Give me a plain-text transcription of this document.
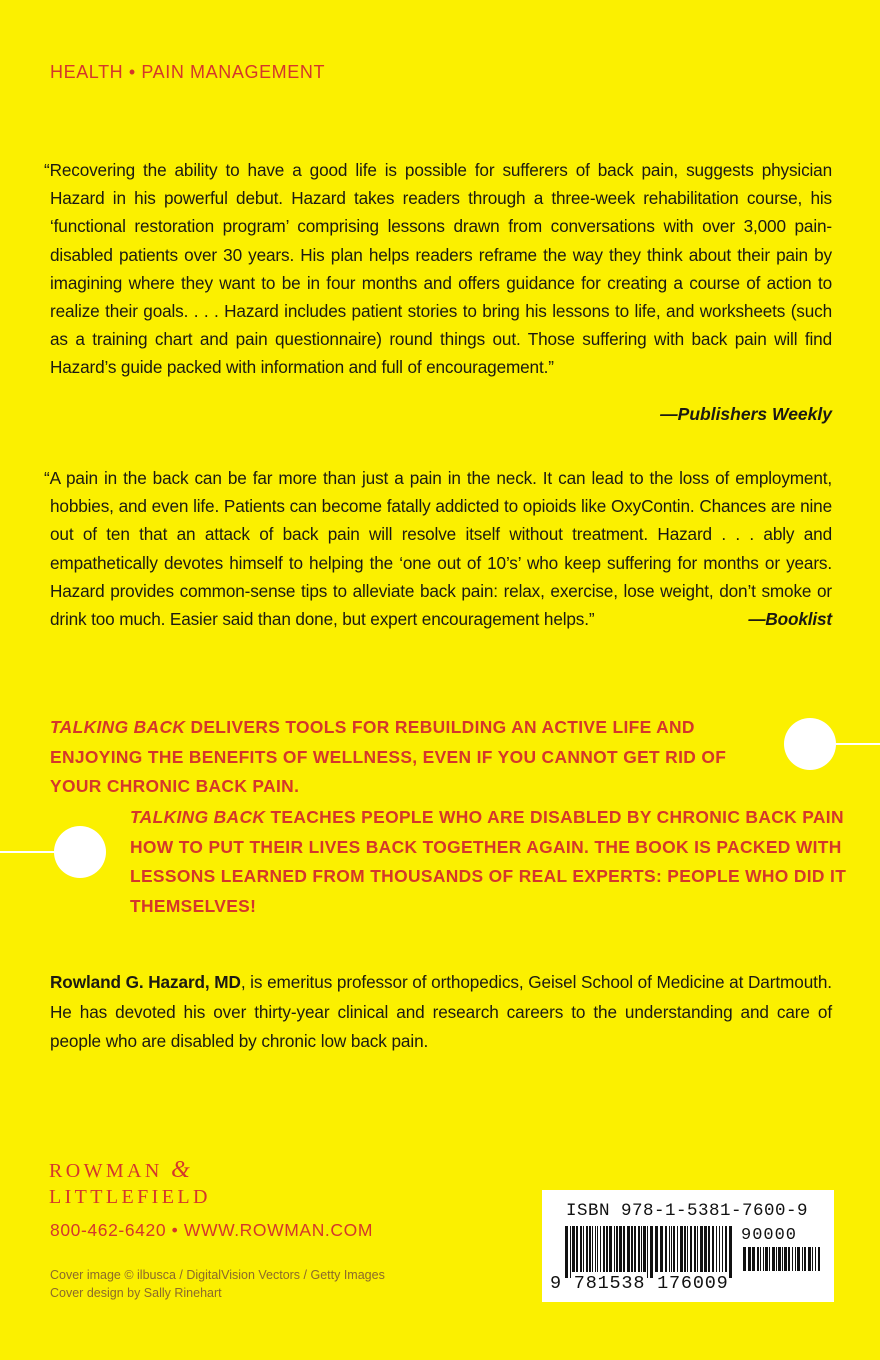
HEALTH • PAIN MANAGEMENT

“Recovering the ability to have a good life is possible for sufferers of back pain, suggests physician Hazard in his powerful debut. Hazard takes readers through a three-week rehabilitation course, his ‘functional restoration program’ comprising lessons drawn from conversations with over 3,000 pain-disabled patients over 30 years. His plan helps readers reframe the way they think about their pain by imagining where they want to be in four months and offers guidance for creating a course of action to realize their goals. . . . Hazard includes patient stories to bring his lessons to life, and worksheets (such as a training chart and pain questionnaire) round things out. Those suffering with back pain will find Hazard’s guide packed with information and full of encouragement.”

—Publishers Weekly

“A pain in the back can be far more than just a pain in the neck. It can lead to the loss of employment, hobbies, and even life. Patients can become fatally addicted to opioids like OxyContin. Chances are nine out of ten that an attack of back pain will resolve itself without treatment. Hazard . . . ably and empathetically devotes himself to helping the ‘one out of 10’s’ who keep suffering for months or years. Hazard provides common-sense tips to alleviate back pain: relax, exercise, lose weight, don’t smoke or drink too much. Easier said than done, but expert encouragement helps.”	—Booklist

TALKING BACK DELIVERS TOOLS FOR REBUILDING AN ACTIVE LIFE AND ENJOYING THE BENEFITS OF WELLNESS, EVEN IF YOU CANNOT GET RID OF YOUR CHRONIC BACK PAIN.

TALKING BACK TEACHES PEOPLE WHO ARE DISABLED BY CHRONIC BACK PAIN HOW TO PUT THEIR LIVES BACK TOGETHER AGAIN. THE BOOK IS PACKED WITH LESSONS LEARNED FROM THOUSANDS OF REAL EXPERTS: PEOPLE WHO DID IT THEMSELVES!

Rowland G. Hazard, MD, is emeritus professor of orthopedics, Geisel School of Medicine at Dartmouth. He has devoted his over thirty-year clinical and research careers to the understanding and care of people who are disabled by chronic low back pain.

ROWMAN &
LITTLEFIELD
800-462-6420 • WWW.ROWMAN.COM
Cover image © ilbusca / DigitalVision Vectors / Getty Images
Cover design by Sally Rinehart
ISBN 978-1-5381-7600-9
90000
9 781538 176009
